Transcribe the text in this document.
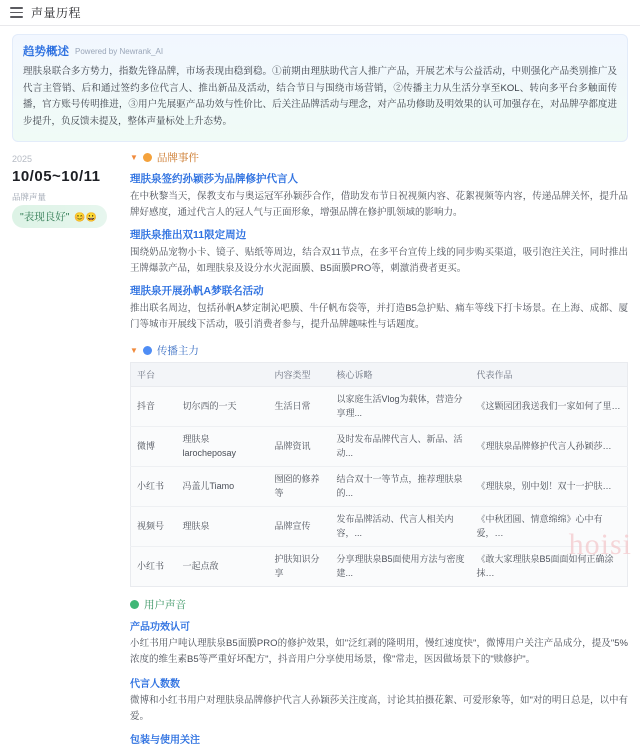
声量历程
趋势概述 Powered by Newrank_AI
理肤泉联合多方势力，指数先锋品牌，市场表现由稳到稳。①前期由理肤助代言人推广产品，开展艺术与公益活动，中则强化产品类别推广及代言主管销、后和通过签约多位代言人、推出新品及活动，结合节日与围绕市场营销，②传播主力从生活分享至KOL、转向多平台多触面传播，官方账号传明推进，③用户先展驱产品功效与性价比、后关注品牌活动与理念，对产品功修助及明效果的认可加强存在，对品牌孕都度进步提升，负反馈未提及，整体声量标处上升态势。
2025
10/05~10/11
品牌声量
"表现良好" 😊😀
▼ 品牌事件
理肤泉签约孙颖莎为品牌修护代言人
在中秋黎当天，保教支布与奥运冠军孙颖莎合作，借助发布节日祝视频内容、花絮视频等内容，传递品牌关怀，提升品牌好感度，通过代言人的冠人气与正面形象，增强品牌在修护肌领域的影响力。
理肤泉推出双11限定周边
围绕奶品宠物小卡、镜子、贴纸等周边，结合双11节点，在多平台宣传上线的同步购买渠道，吸引泡注关注，同时推出王牌爆款产品，如理肤泉及设分水火泥面膜、B5面膜PRO等，刺激消费者更买。
理肤泉开展孙帆A梦联名活动
推出联名周边，包括孙帆A梦定制沁吧膜、牛仔帆布袋等，并打造B5急护贴、痛车等线下打卡场景。在上海、成都、厦门等城市开展线下活动，吸引消费者参与，提升品牌趣味性与话题度。
▼ 传播主力
平台		内容类型	核心诉略	代表作品
抖音	切尔西的一天	生活日常	以家庭生活Vlog为载体，营造分享理...	《这颗园团我送我们一家如何了里…
微博	理肤泉larocheposay	品牌资讯	及时发布品牌代言人、新品、活动...	《理肤泉品牌修护代言人孙颖莎…
小红书	冯盖儿Tiamo	囫囵的修养等	结合双十一等节点，推荐理肤泉的...	《理肤泉，别中划！双十一护肤…
视频号	理肤泉	品牌宣传	发布品牌活动、代言人相关内容，...	《中秋团圆、情意绵绵》心中有爱，…
小红书	一起点敌	护肤知识分享	分享理肤泉B5面使用方法与密度建...	《敢大家理肤泉B5面面如何正确涂抹…
用户声音
产品功效认可
小红书用户吨认理肤泉B5面膜PRO的修护效果，如"泛红剥的隆明用，慢红速度快"，微博用户关注产品成分，提及"5%浓度的维生素B5等严重好坏配方"，抖音用户分享使用场景，像"常走，医因做场景下的"赎修护"。
代言人数数
微博和小红书用户对理肤泉品牌修护代言人孙颖莎关注度高，讨论其拍摄花絮、可爱形象等，如"对的明日总是，以中有爱。
包装与使用关注
hoisi
